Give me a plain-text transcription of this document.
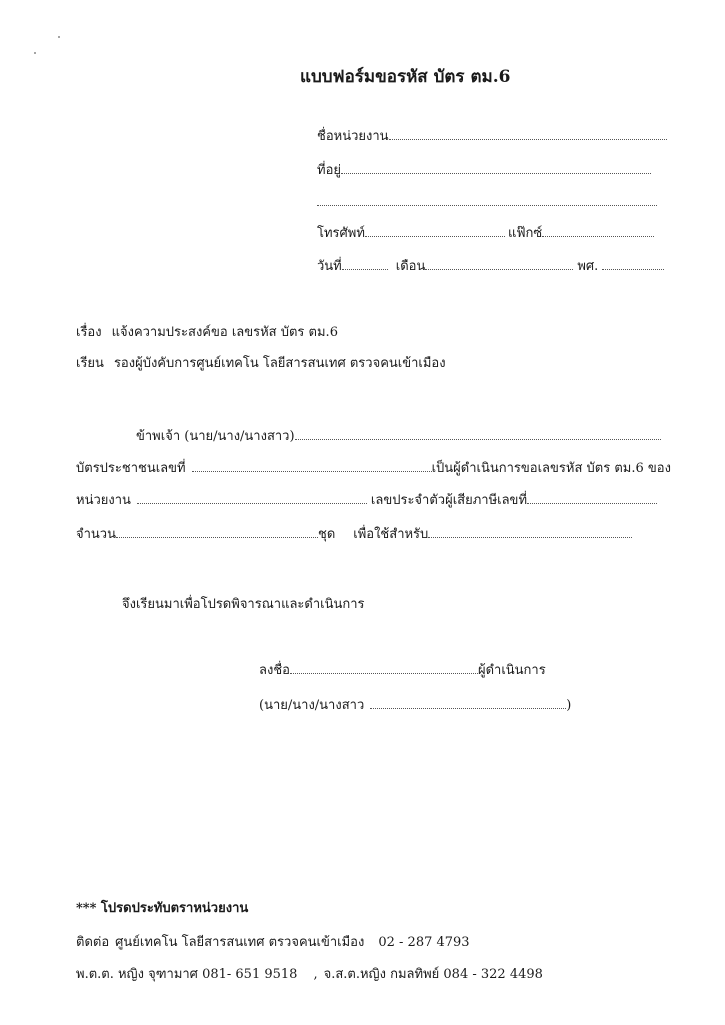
แบบฟอร์มขอรหัส บัตร ตม.6
ชื่อหน่วยงาน
ที่อยู่
โทรศัพท์	แฟ๊กซ์
วันที่	เดือน	พศ.
เรื่อง แจ้งความประสงค์ขอ เลขรหัส บัตร ตม.6
เรียน รองผู้บังคับการศูนย์เทคโน โลยีสารสนเทศ ตรวจคนเข้าเมือง
ข้าพเจ้า (นาย/นาง/นางสาว)
บัตรประชาชนเลขที่	เป็นผู้ดำเนินการขอเลขรหัส บัตร ตม.6 ของ
หน่วยงาน	เลขประจำตัวผู้เสียภาษีเลขที่
จำนวน	ชุด เพื่อใช้สำหรับ
จึงเรียนมาเพื่อโปรดพิจารณาและดำเนินการ
ลงชื่อ	ผู้ดำเนินการ
(นาย/นาง/นางสาว	)
*** โปรดประทับตราหน่วยงาน
ติดต่อ ศูนย์เทคโน โลยีสารสนเทศ ตรวจคนเข้าเมือง 02 - 287 4793
พ.ต.ต. หญิง จุฑามาศ 081- 651 9518 , จ.ส.ต.หญิง กมลทิพย์ 084 - 322 4498
